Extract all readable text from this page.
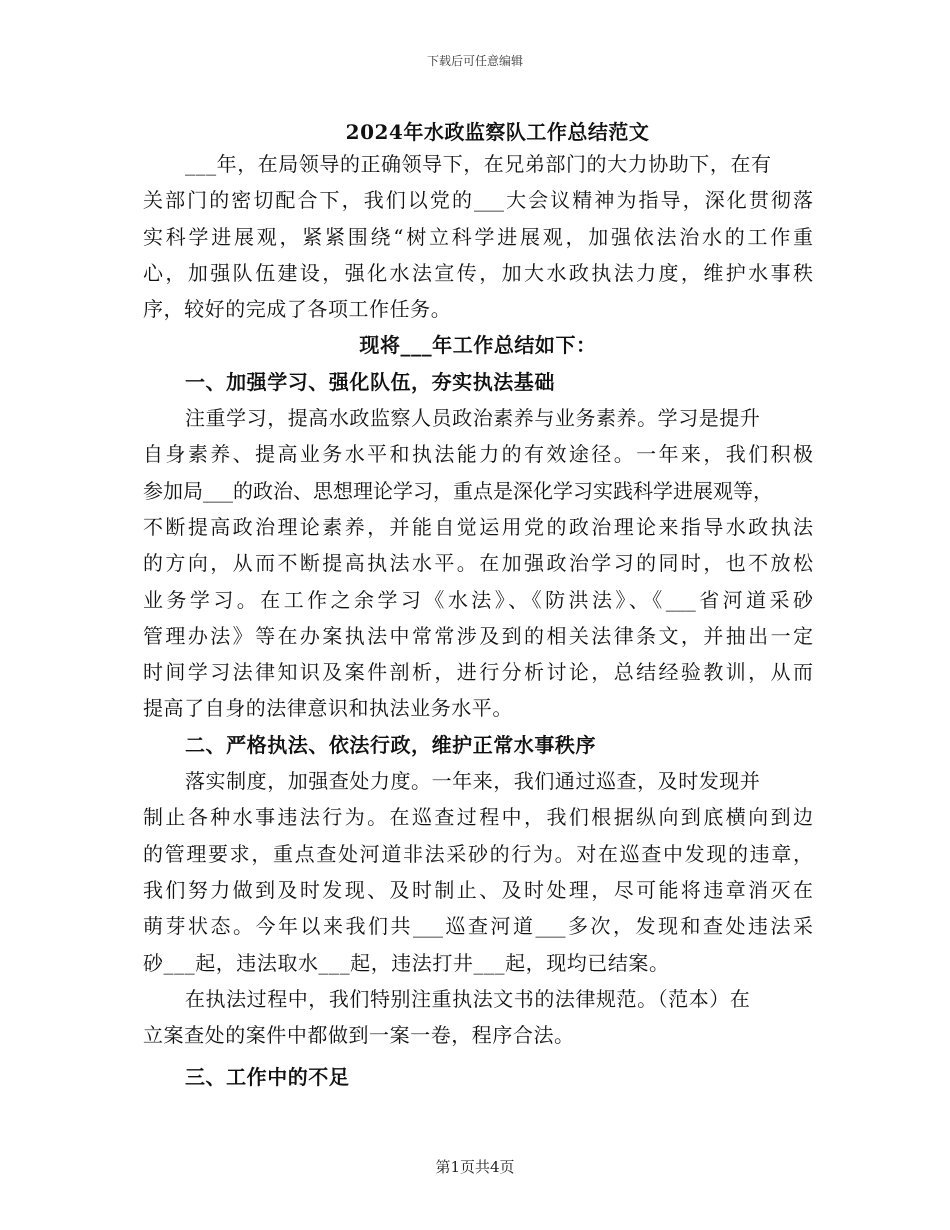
下载后可任意编辑
2024年水政监察队工作总结范文
___年，在局领导的正确领导下，在兄弟部门的大力协助下，在有
关部门的密切配合下，我们以党的___大会议精神为指导，深化贯彻落
实科学进展观，紧紧围绕“树立科学进展观，加强依法治水的工作重
心，加强队伍建设，强化水法宣传，加大水政执法力度，维护水事秩
序，较好的完成了各项工作任务。
现将___年工作总结如下：
一、加强学习、强化队伍，夯实执法基础
注重学习，提高水政监察人员政治素养与业务素养。学习是提升
自身素养、提高业务水平和执法能力的有效途径。一年来，我们积极
参加局___的政治、思想理论学习，重点是深化学习实践科学进展观等，
不断提高政治理论素养，并能自觉运用党的政治理论来指导水政执法
的方向，从而不断提高执法水平。在加强政治学习的同时，也不放松
业务学习。在工作之余学习《水法》、《防洪法》、《___省河道采砂
管理办法》等在办案执法中常常涉及到的相关法律条文，并抽出一定
时间学习法律知识及案件剖析，进行分析讨论，总结经验教训，从而
提高了自身的法律意识和执法业务水平。
二、严格执法、依法行政，维护正常水事秩序
落实制度，加强查处力度。一年来，我们通过巡查，及时发现并
制止各种水事违法行为。在巡查过程中，我们根据纵向到底横向到边
的管理要求，重点查处河道非法采砂的行为。对在巡查中发现的违章，
我们努力做到及时发现、及时制止、及时处理，尽可能将违章消灭在
萌芽状态。今年以来我们共___巡查河道___多次，发现和查处违法采
砂___起，违法取水___起，违法打井___起，现均已结案。
在执法过程中，我们特别注重执法文书的法律规范。（范本）在
立案查处的案件中都做到一案一卷，程序合法。
三、工作中的不足
第1页共4页
